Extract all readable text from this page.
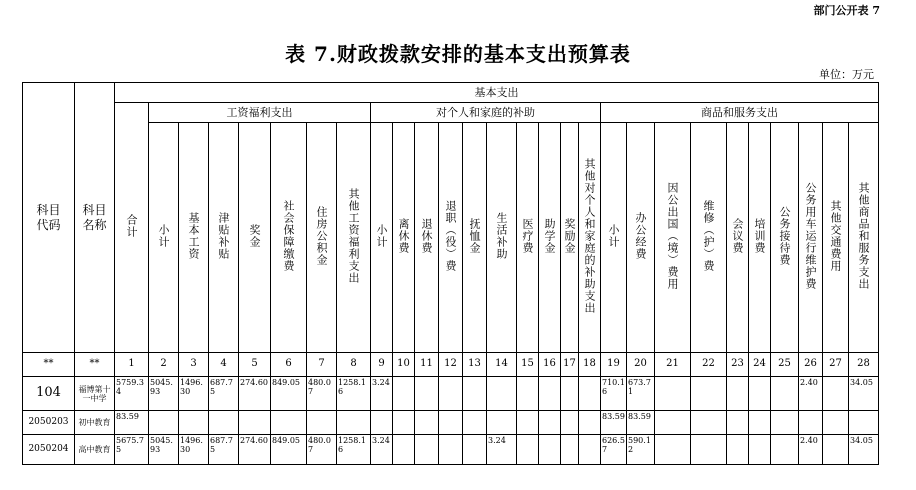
部门公开表 7
表 7.财政拨款安排的基本支出预算表
单位：万元
科目代码	科目名称	基本支出																											
		合计	工资福利支出							对个人和家庭的补助										商品和服务支出									
			小计	基本工资	津贴补贴	奖金	社会保障缴费	住房公积金	其他工资福利支出	小计	离休费	退休费	退职（役）费	抚恤金	生活补助	医疗费	助学金	奖励金	其他对个人和家庭的补助支出	小计	办公经费	因公出国（境）费用	维修（护）费	会议费	培训费	公务接待费	公务用车运行维护费	其他交通费用	其他商品和服务支出
**	**	1	2	3	4	5	6	7	8	9	10	11	12	13	14	15	16	17	18	19	20	21	22	23	24	25	26	27	28
104	福博第十一中学	5759.34	5045.93	1496.30	687.75	274.60	849.05	480.07	1258.16	3.24										710.16	673.71						2.40		34.05

2050203	初中教育	83.59																		83.59	83.59								

2050204	高中教育	5675.75	5045.93	1496.30	687.75	274.60	849.05	480.07	1258.16	3.24					3.24					626.57	590.12						2.40		34.05
